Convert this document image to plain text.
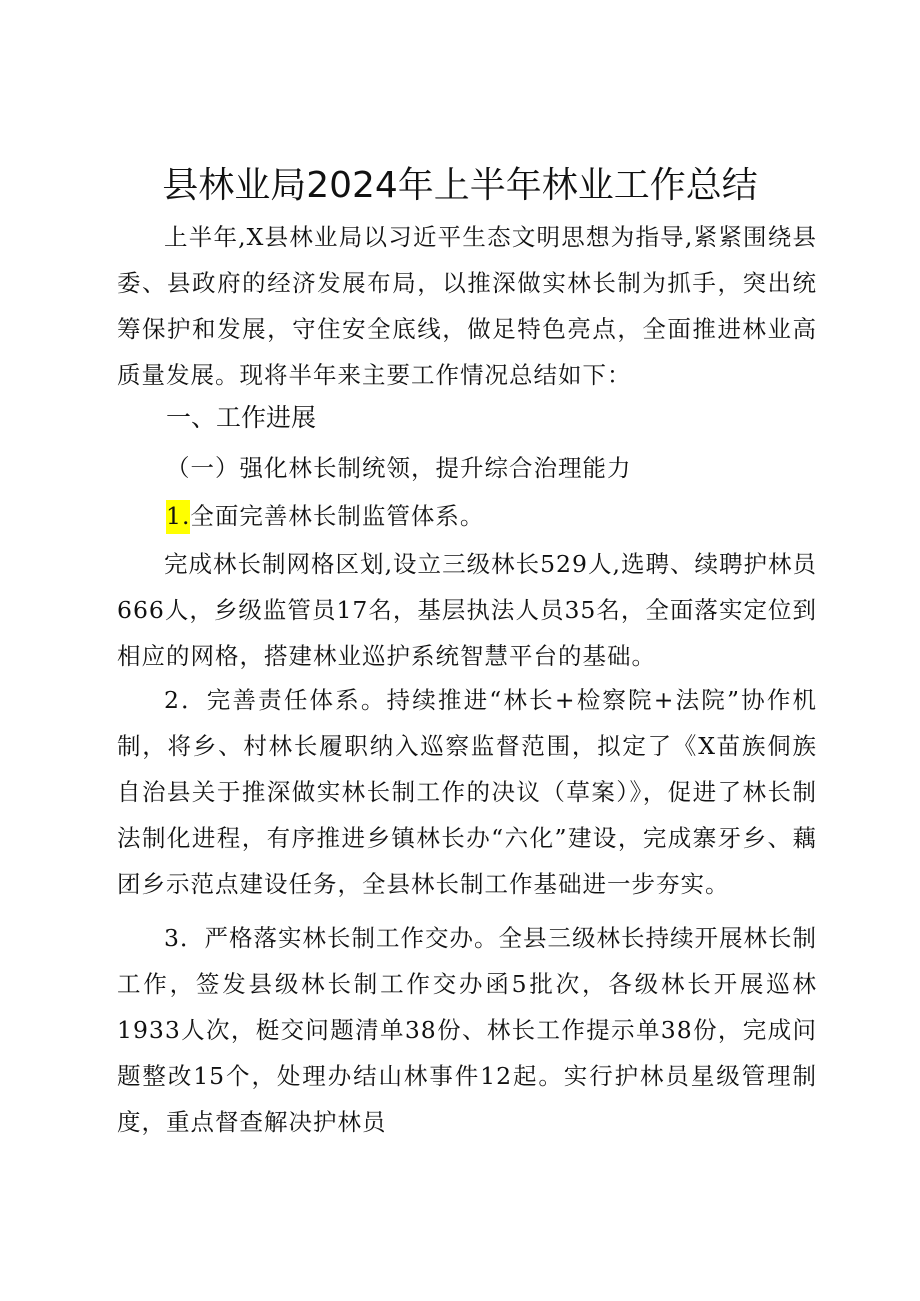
县林业局2024年上半年林业工作总结

上半年,X县林业局以习近平生态文明思想为指导,紧紧围绕县委、县政府的经济发展布局，以推深做实林长制为抓手，突出统筹保护和发展，守住安全底线，做足特色亮点，全面推进林业高质量发展。现将半年来主要工作情况总结如下：

一、工作进展
（一）强化林长制统领，提升综合治理能力
1.全面完善林长制监管体系。

完成林长制网格区划,设立三级林长529人,选聘、续聘护林员666人，乡级监管员17名，基层执法人员35名，全面落实定位到相应的网格，搭建林业巡护系统智慧平台的基础。

2．完善责任体系。持续推进“林长+检察院+法院”协作机制，将乡、村林长履职纳入巡察监督范围，拟定了《X苗族侗族自治县关于推深做实林长制工作的决议（草案）》，促进了林长制法制化进程，有序推进乡镇林长办“六化”建设，完成寨牙乡、藕团乡示范点建设任务，全县林长制工作基础进一步夯实。

3．严格落实林长制工作交办。全县三级林长持续开展林长制工作，签发县级林长制工作交办函5批次，各级林长开展巡林1933人次，梃交问题清单38份、林长工作提示单38份，完成问题整改15个，处理办结山林事件12起。实行护林员星级管理制度，重点督查解决护林员
